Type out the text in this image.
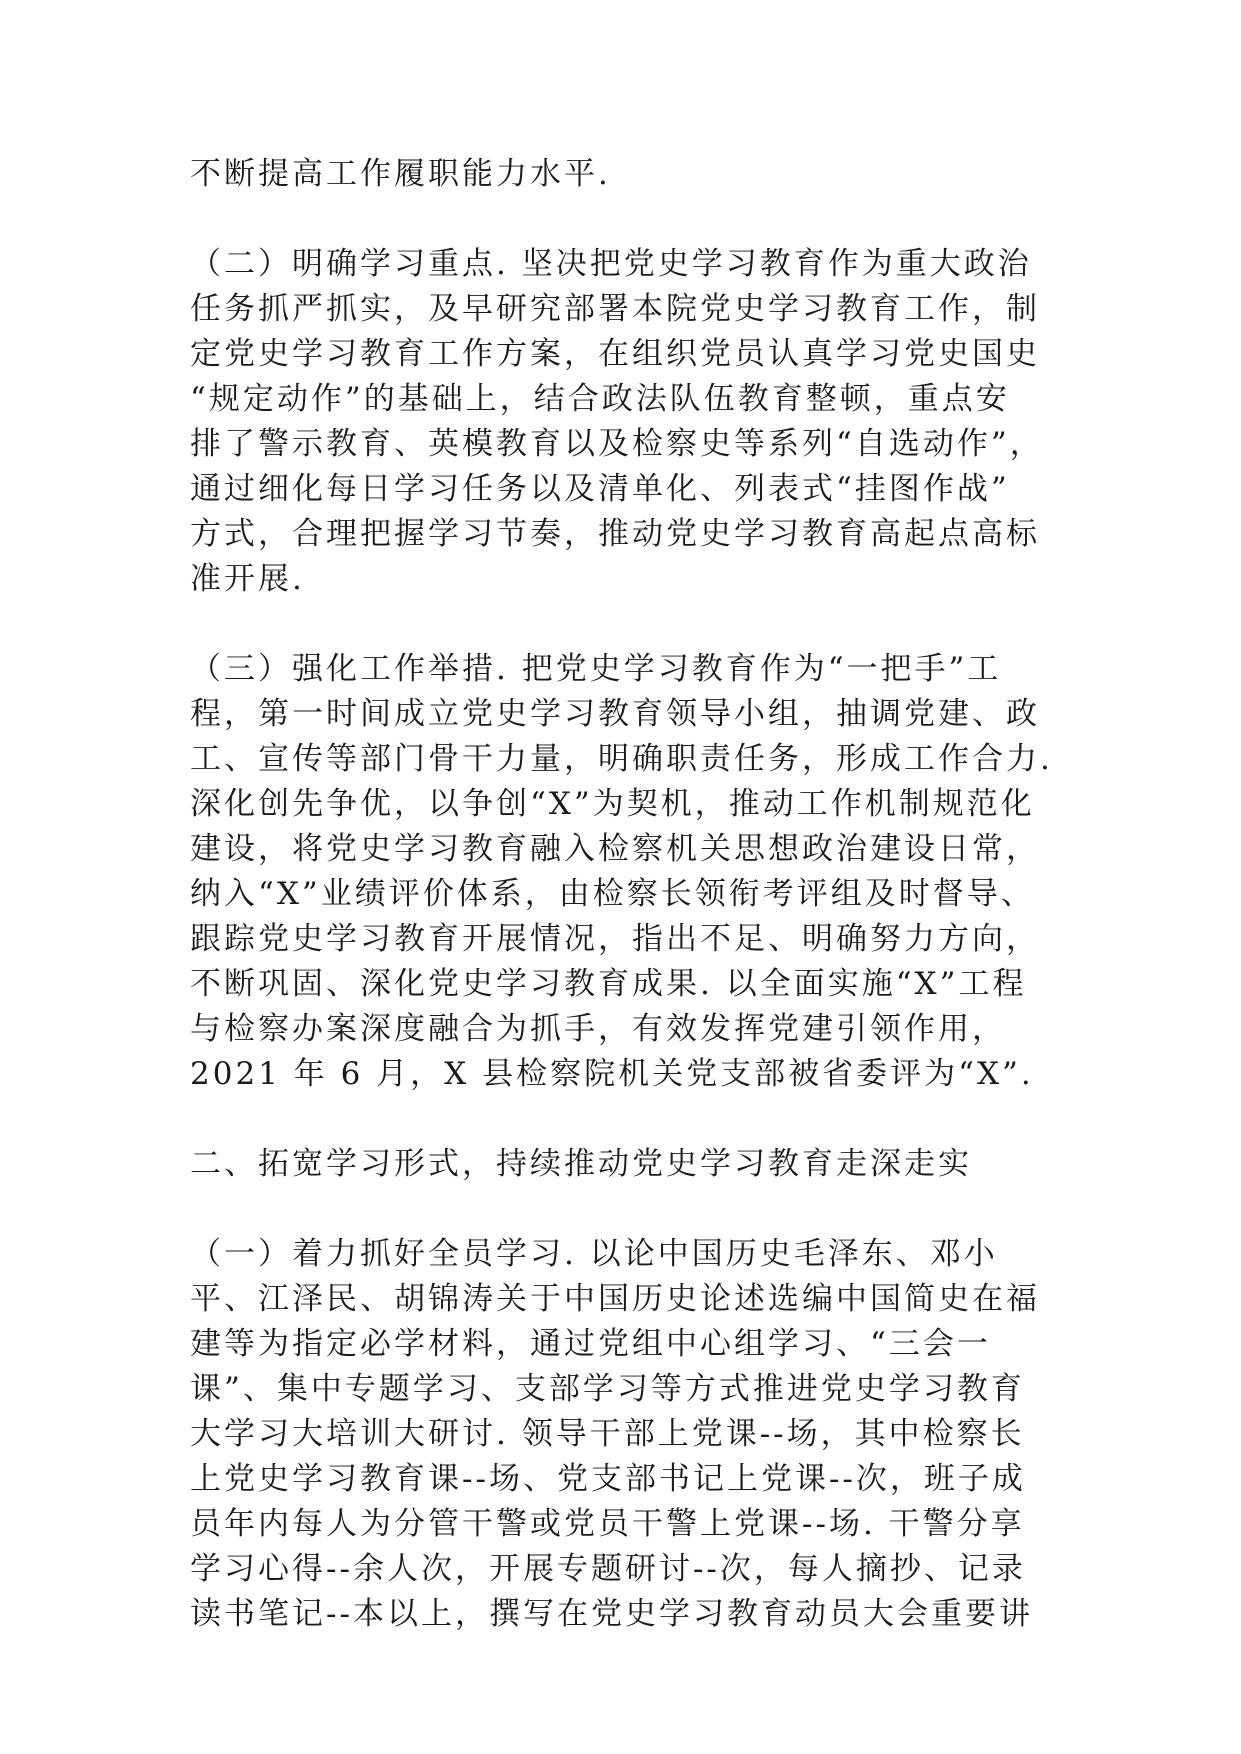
不断提高工作履职能力水平.
（二）明确学习重点. 坚决把党史学习教育作为重大政治
任务抓严抓实，及早研究部署本院党史学习教育工作，制
定党史学习教育工作方案，在组织党员认真学习党史国史
“规定动作”的基础上，结合政法队伍教育整顿，重点安
排了警示教育、英模教育以及检察史等系列“自选动作”，
通过细化每日学习任务以及清单化、列表式“挂图作战”
方式，合理把握学习节奏，推动党史学习教育高起点高标
准开展.
（三）强化工作举措. 把党史学习教育作为“一把手”工
程，第一时间成立党史学习教育领导小组，抽调党建、政
工、宣传等部门骨干力量，明确职责任务，形成工作合力.
深化创先争优，以争创“X”为契机，推动工作机制规范化
建设，将党史学习教育融入检察机关思想政治建设日常，
纳入“X”业绩评价体系，由检察长领衔考评组及时督导、
跟踪党史学习教育开展情况，指出不足、明确努力方向，
不断巩固、深化党史学习教育成果. 以全面实施“X”工程
与检察办案深度融合为抓手，有效发挥党建引领作用，
2021 年 6 月，X 县检察院机关党支部被省委评为“X”.
二、拓宽学习形式，持续推动党史学习教育走深走实
（一）着力抓好全员学习. 以论中国历史毛泽东、邓小
平、江泽民、胡锦涛关于中国历史论述选编中国简史在福
建等为指定必学材料，通过党组中心组学习、“三会一
课”、集中专题学习、支部学习等方式推进党史学习教育
大学习大培训大研讨. 领导干部上党课--场，其中检察长
上党史学习教育课--场、党支部书记上党课--次，班子成
员年内每人为分管干警或党员干警上党课--场. 干警分享
学习心得--余人次，开展专题研讨--次，每人摘抄、记录
读书笔记--本以上，撰写在党史学习教育动员大会重要讲
